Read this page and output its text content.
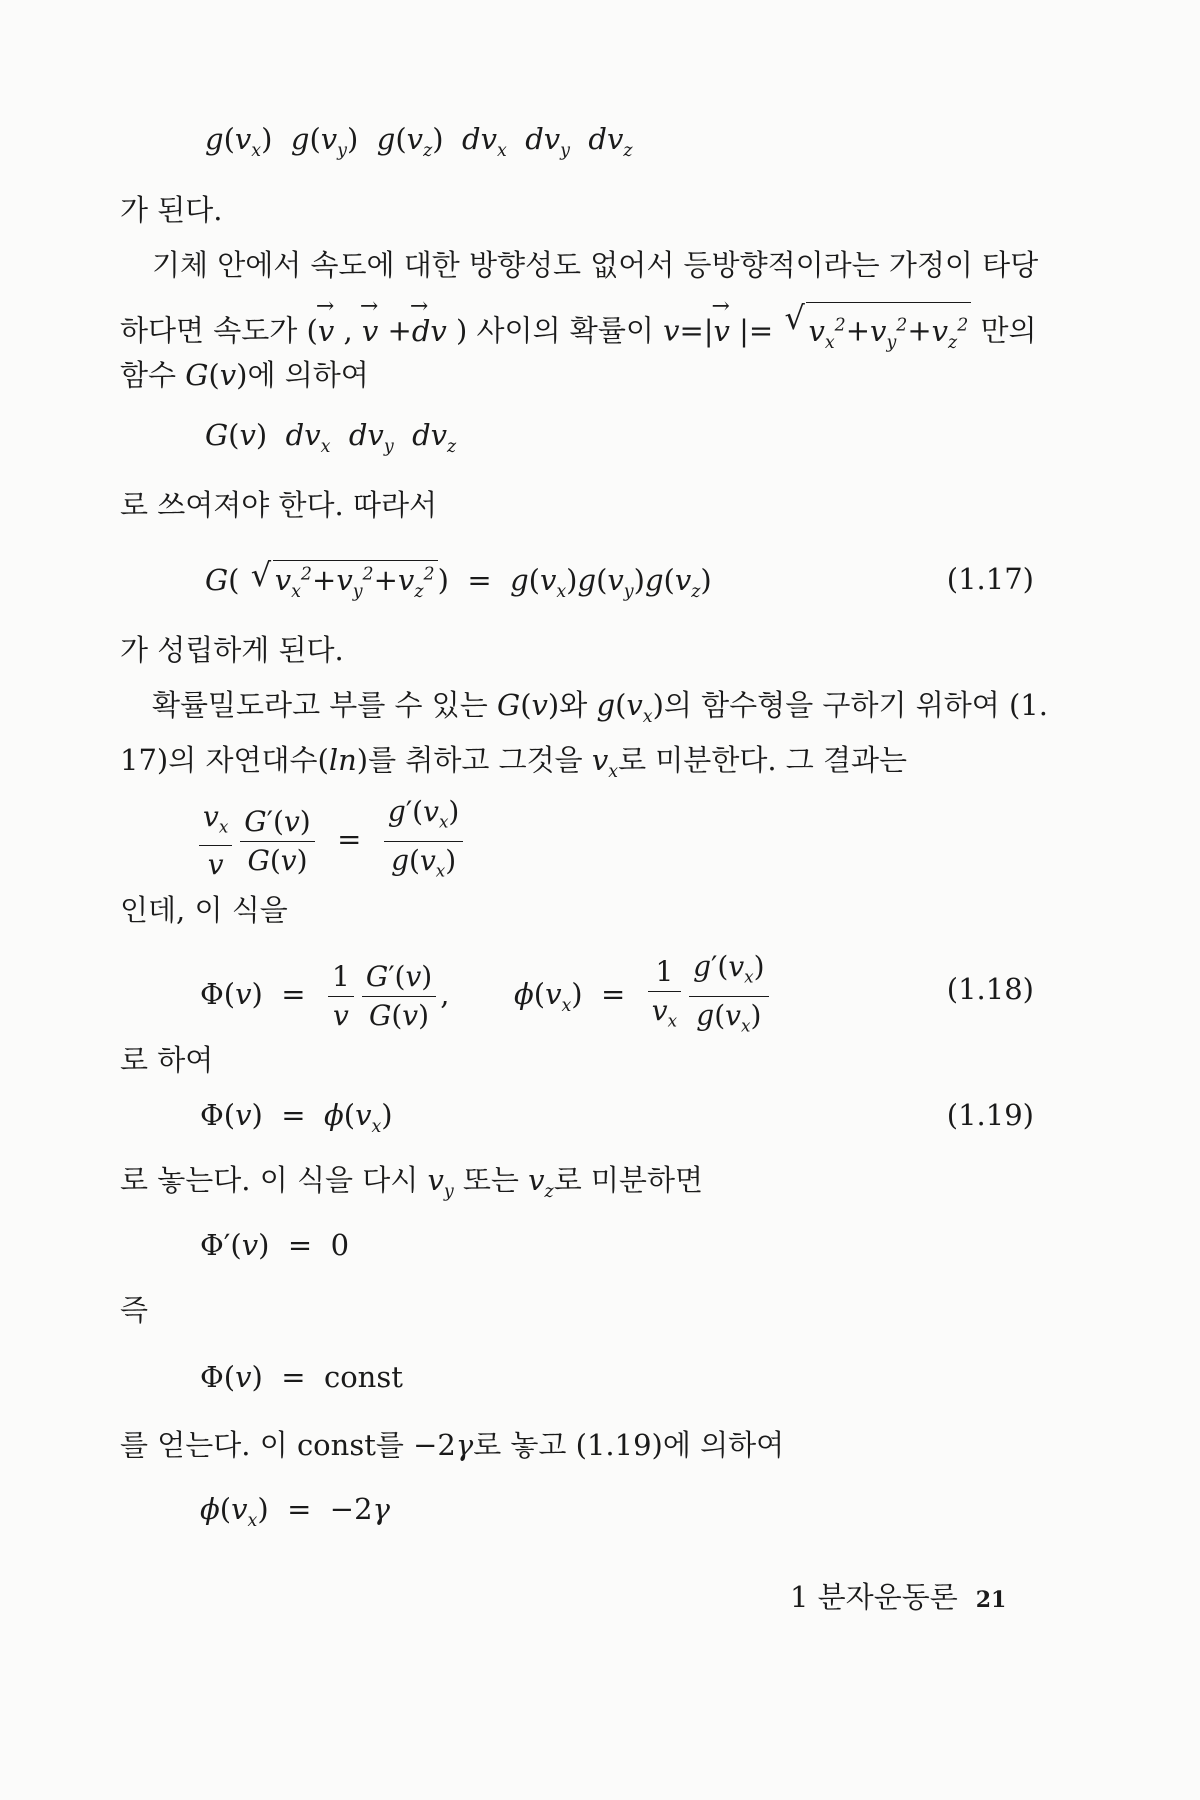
$g(v_x)$  $g(v_y)$  $g(v_z)$  $dv_x$ $dv_y$ $dv_z$
가 된다.
기체 안에서 속도에 대한 방향성도 없어서 등방향적이라는 가정이 타당
하다면 속도가 (→ v , → v +→ dv ) 사이의 확률이 v=|→ v |= √ $v_x^2+v_y^2+v_z^2$ 만의
함수 G(v)에 의하여
G(v)  $dv_x$ $dv_y$ $dv_z$
로 쓰여져야 한다. 따라서
G( √ $v_x^2+v_y^2+v_z^2$ )  =  $g(v_x)g(v_y)g(v_z)$	(1.17)
가 성립하게 된다.
확률밀도라고 부를 수 있는 G(v)와 $g(v_x)$의 함수형을 구하기 위하여 (1.
17)의 자연대수(ln)를 취하고 그것을 $v_x$로 미분한다. 그 결과는
$\frac{v_x}{v} \frac{G'(v)}{G(v)} = \frac{g'(v_x)}{g(v_x)}$
인데, 이 식을
$\Phi(v) = \frac{1}{v} \frac{G'(v)}{G(v)}$ ,       $\phi(v_x) = \frac{1}{v_x} \frac{g'(v_x)}{g(v_x)}$	(1.18)
로 하여
$\Phi(v) = \phi(v_x)$	(1.19)
로 놓는다. 이 식을 다시 $v_y$ 또는 $v_z$로 미분하면
Φ′(v)  =  0
즉
Φ(v)  =  const
를 얻는다. 이 const를 −2γ로 놓고 (1.19)에 의하여
$\phi(v_x) = -2\gamma$
1 분자운동론 21
